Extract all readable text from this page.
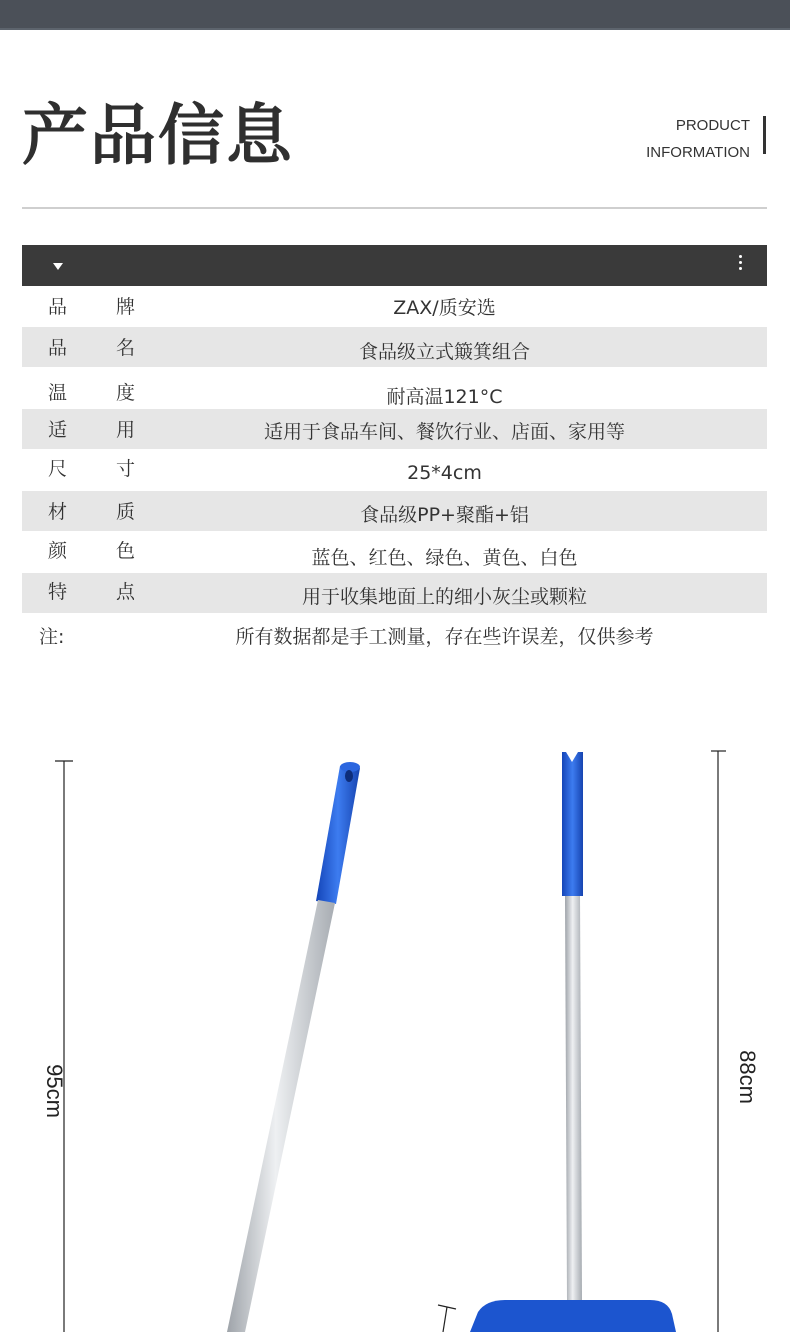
产品信息	PRODUCT
INFORMATION
品	牌	ZAX/质安选
品	名	食品级立式簸箕组合
温	度	耐高温121°C
适	用	适用于食品车间、餐饮行业、店面、家用等
尺	寸	25*4cm
材	质	食品级PP+聚酯+铝
颜	色	蓝色、红色、绿色、黄色、白色
特	点	用于收集地面上的细小灰尘或颗粒
注:	所有数据都是手工测量，存在些许误差，仅供参考
95cm	88cm
